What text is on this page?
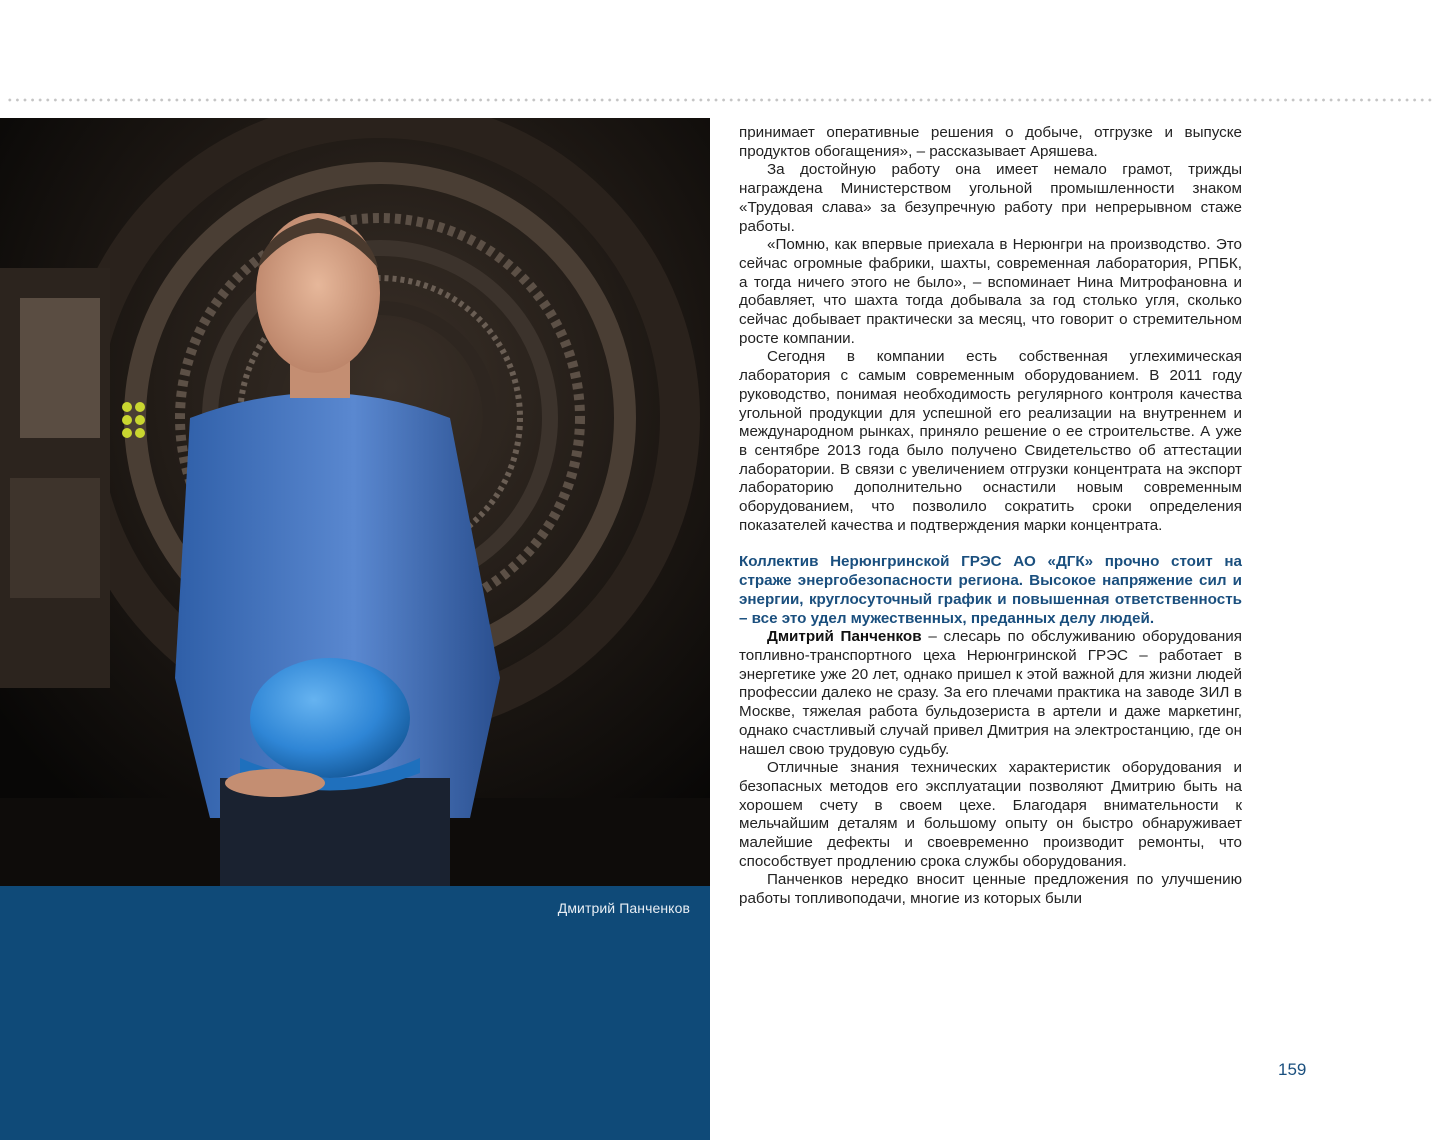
Дмитрий Панченков

принимает оперативные решения о добыче, отгрузке и выпуске продуктов обогащения», – рассказывает Аряшева.

За достойную работу она имеет немало грамот, трижды награждена Министерством угольной промышленности знаком «Трудовая слава» за безупречную работу при непрерывном стаже работы.

«Помню, как впервые приехала в Нерюнгри на производство. Это сейчас огромные фабрики, шахты, современная лаборатория, РПБК, а тогда ничего этого не было», – вспоминает Нина Митрофановна и добавляет, что шахта тогда добывала за год столько угля, сколько сейчас добывает практически за месяц, что говорит о стремительном росте компании.

Сегодня в компании есть собственная углехимическая лаборатория с самым современным оборудованием. В 2011 году руководство, понимая необходимость регулярного контроля качества угольной продукции для успешной его реализации на внутреннем и международном рынках, приняло решение о ее строительстве. А уже в сентябре 2013 года было получено Свидетельство об аттестации лаборатории. В связи с увеличением отгрузки концентрата на экспорт лабораторию дополнительно оснастили новым современным оборудованием, что позволило сократить сроки определения показателей качества и подтверждения марки концентрата.

Коллектив Нерюнгринской ГРЭС АО «ДГК» прочно стоит на страже энергобезопасности региона. Высокое напряжение сил и энергии, круглосуточный график и повышенная ответственность – все это удел мужественных, преданных делу людей.

Дмитрий Панченков – слесарь по обслуживанию оборудования топливно-транспортного цеха Нерюнгринской ГРЭС – работает в энергетике уже 20 лет, однако пришел к этой важной для жизни людей профессии далеко не сразу. За его плечами практика на заводе ЗИЛ в Москве, тяжелая работа бульдозериста в артели и даже маркетинг, однако счастливый случай привел Дмитрия на электростанцию, где он нашел свою трудовую судьбу.

Отличные знания технических характеристик оборудования и безопасных методов его эксплуатации позволяют Дмитрию быть на хорошем счету в своем цехе. Благодаря внимательности к мельчайшим деталям и большому опыту он быстро обнаруживает малейшие дефекты и своевременно производит ремонты, что способствует продлению срока службы оборудования.

Панченков нередко вносит ценные предложения по улучшению работы топливоподачи, многие из которых были

159
